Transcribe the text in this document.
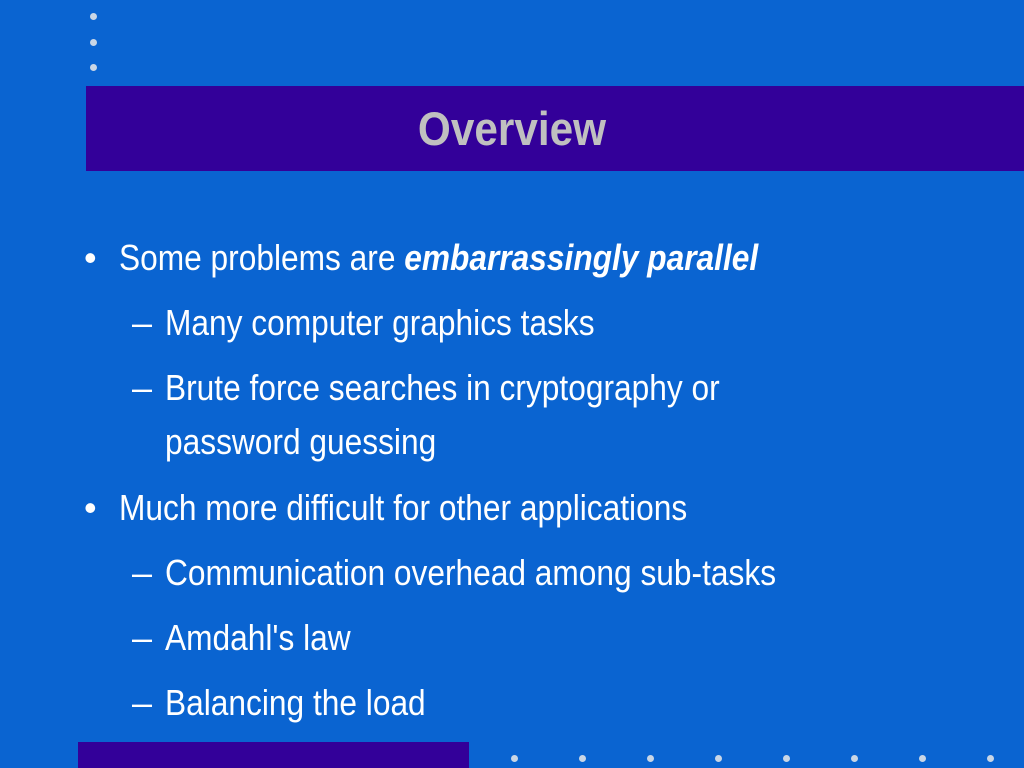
Overview
• Some problems are embarrassingly parallel
– Many computer graphics tasks
– Brute force searches in cryptography or
password guessing
• Much more difficult for other applications
– Communication overhead among sub-tasks
– Amdahl's law
– Balancing the load
